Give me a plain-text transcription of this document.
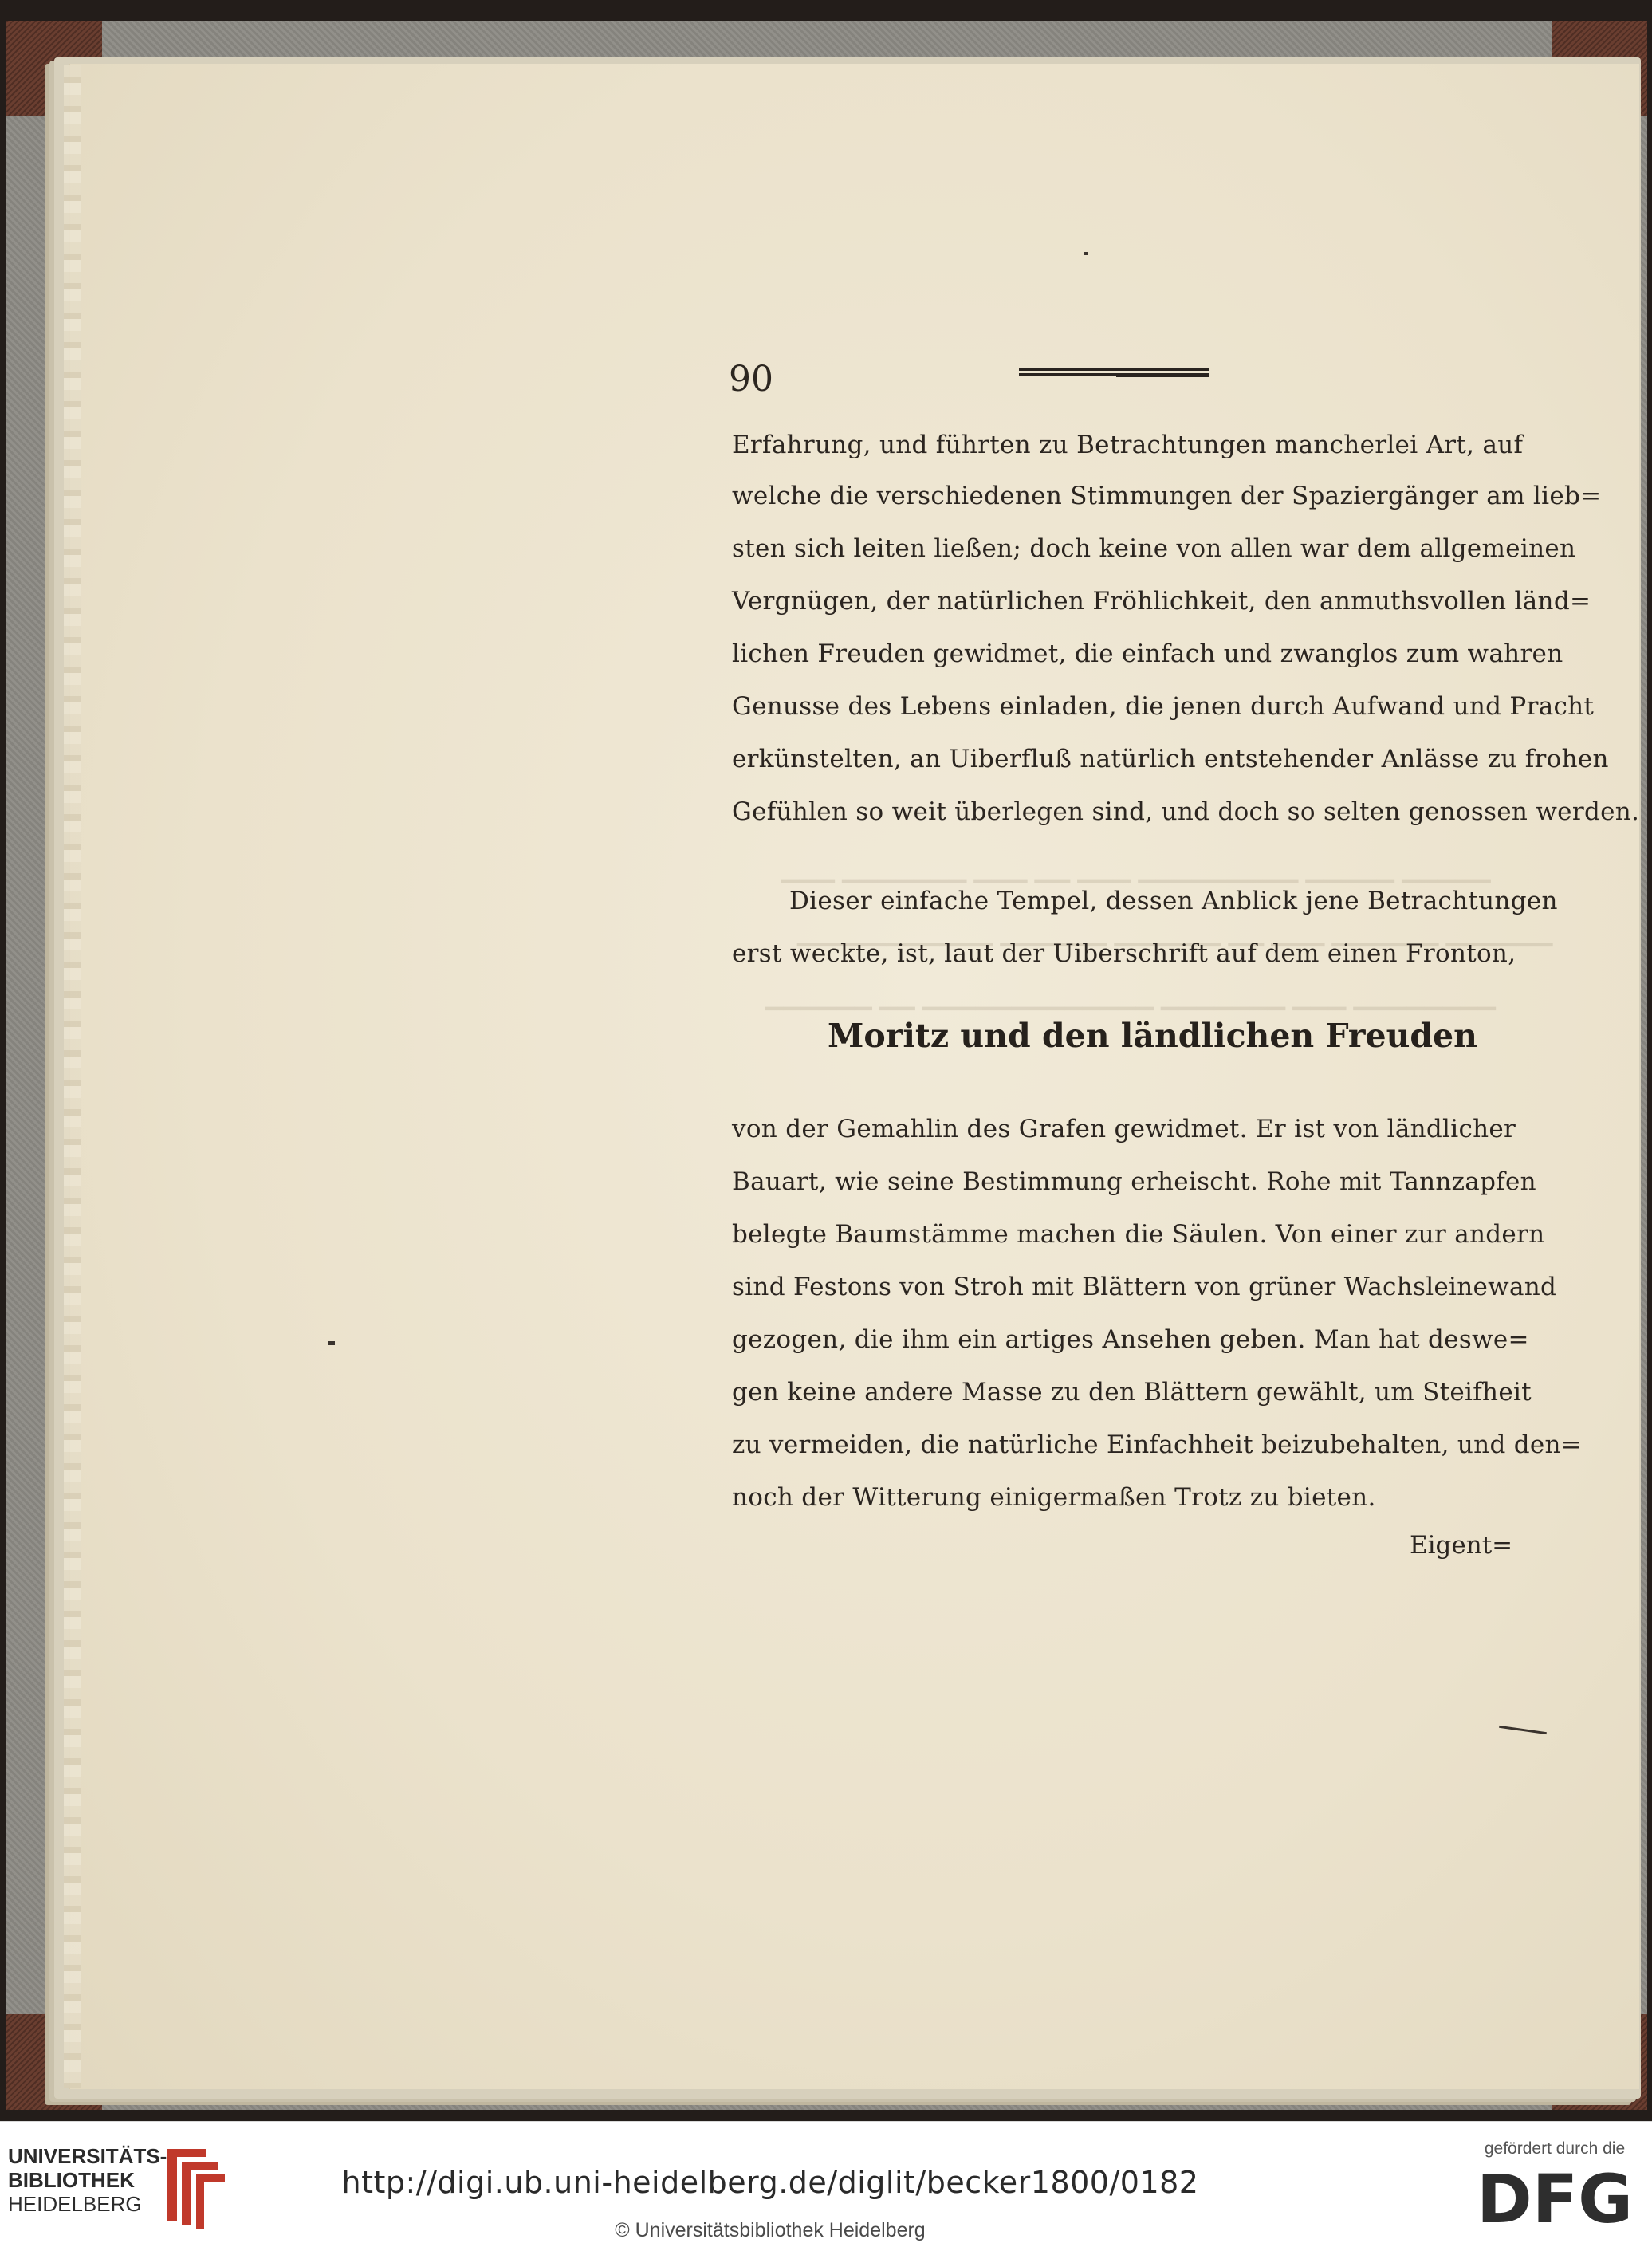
▁▁▁ ▁▁▁▁▁▁▁ ▁▁▁ ▁▁ ▁▁▁ ▁▁▁▁▁▁▁▁▁ ▁▁▁▁▁ ▁▁▁▁▁
▁▁▁▁▁▁▁▁▁▁▁ ▁▁▁▁▁▁ ▁▁▁▁▁▁ ▁▁ ▁▁▁ ▁▁▁▁▁▁ ▁▁▁▁▁▁
▁▁▁▁▁▁ ▁▁ ▁▁▁▁▁▁▁▁▁▁▁▁▁ ▁▁▁▁▁▁▁ ▁▁▁ ▁▁▁▁▁▁▁▁
90
Erfahrung, und führten zu Betrachtungen mancherlei Art, auf
welche die verschiedenen Stimmungen der Spaziergänger am lieb=
sten sich leiten ließen; doch keine von allen war dem allgemeinen
Vergnügen, der natürlichen Fröhlichkeit, den anmuthsvollen länd=
lichen Freuden gewidmet, die einfach und zwanglos zum wahren
Genusse des Lebens einladen, die jenen durch Aufwand und Pracht
erkünstelten, an Uiberfluß natürlich entstehender Anlässe zu frohen
Gefühlen so weit überlegen sind, und doch so selten genossen werden.
Dieser einfache Tempel, dessen Anblick jene Betrachtungen
erst weckte, ist, laut der Uiberschrift auf dem einen Fronton,
Moritz und den ländlichen Freuden
von der Gemahlin des Grafen gewidmet. Er ist von ländlicher
Bauart, wie seine Bestimmung erheischt. Rohe mit Tannzapfen
belegte Baumstämme machen die Säulen. Von einer zur andern
sind Festons von Stroh mit Blättern von grüner Wachsleinewand
gezogen, die ihm ein artiges Ansehen geben. Man hat deswe=
gen keine andere Masse zu den Blättern gewählt, um Steifheit
zu vermeiden, die natürliche Einfachheit beizubehalten, und den=
noch der Witterung einigermaßen Trotz zu bieten.
Eigent=
UNIVERSITÄTS-
BIBLIOTHEK
HEIDELBERG
http://digi.ub.uni-heidelberg.de/diglit/becker1800/0182
© Universitätsbibliothek Heidelberg
gefördert durch die
DFG
